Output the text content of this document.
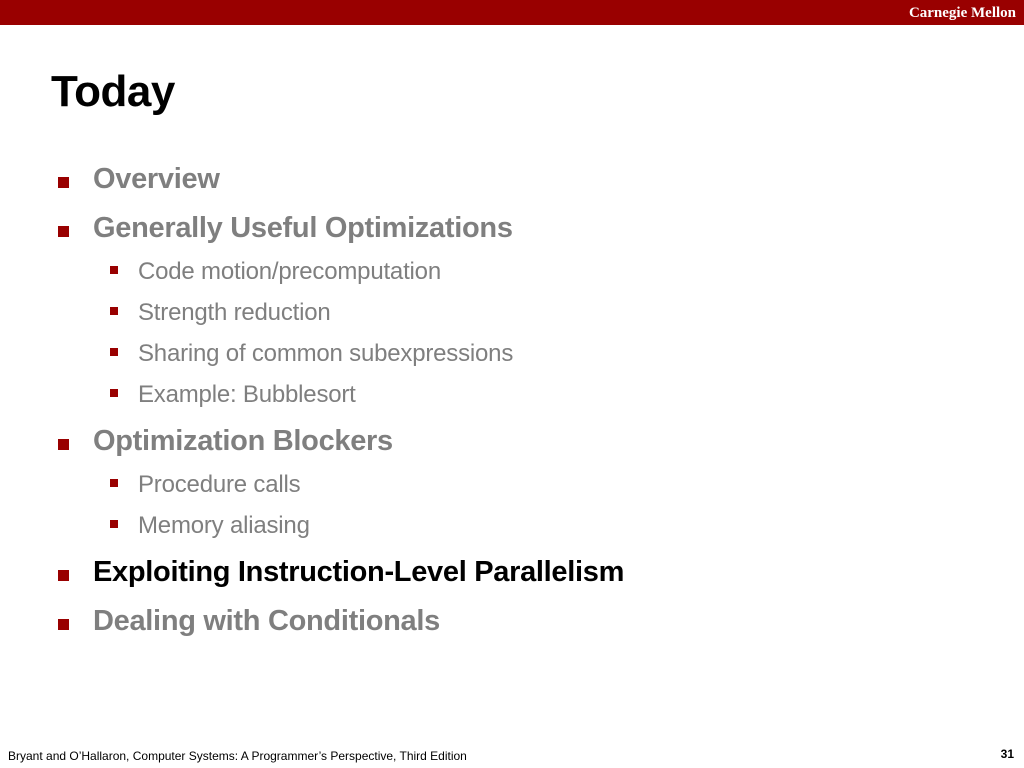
Carnegie Mellon
Today
Overview
Generally Useful Optimizations
Code motion/precomputation
Strength reduction
Sharing of common subexpressions
Example: Bubblesort
Optimization Blockers
Procedure calls
Memory aliasing
Exploiting Instruction-Level Parallelism
Dealing with Conditionals
Bryant and O’Hallaron, Computer Systems: A Programmer’s Perspective, Third Edition	31
